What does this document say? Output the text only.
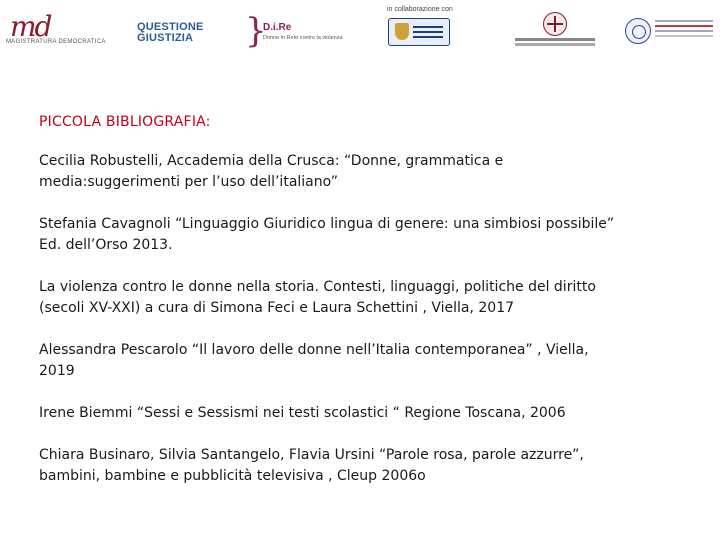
md
MAGISTRATURA DEMOCRATICA
QUESTIONE
GIUSTIZIA	}
D.i.Re
Donne in Rete contro la violenza
in collaborazione con
PICCOLA BIBLIOGRAFIA:
Cecilia Robustelli, Accademia della Crusca: “Donne, grammatica e
media:suggerimenti per l’uso dell’italiano”
Stefania Cavagnoli “Linguaggio Giuridico lingua di genere: una simbiosi possibile”
Ed. dell’Orso 2013.
La violenza contro le donne nella storia. Contesti, linguaggi, politiche del diritto
(secoli XV-XXI) a cura di Simona Feci e Laura Schettini , Viella, 2017
Alessandra Pescarolo “Il lavoro delle donne nell’Italia contemporanea” , Viella,
2019
Irene Biemmi “Sessi e Sessismi nei testi scolastici “ Regione Toscana, 2006
Chiara Businaro, Silvia Santangelo, Flavia Ursini “Parole rosa, parole azzurre”,
bambini, bambine e pubblicità televisiva , Cleup 2006o
